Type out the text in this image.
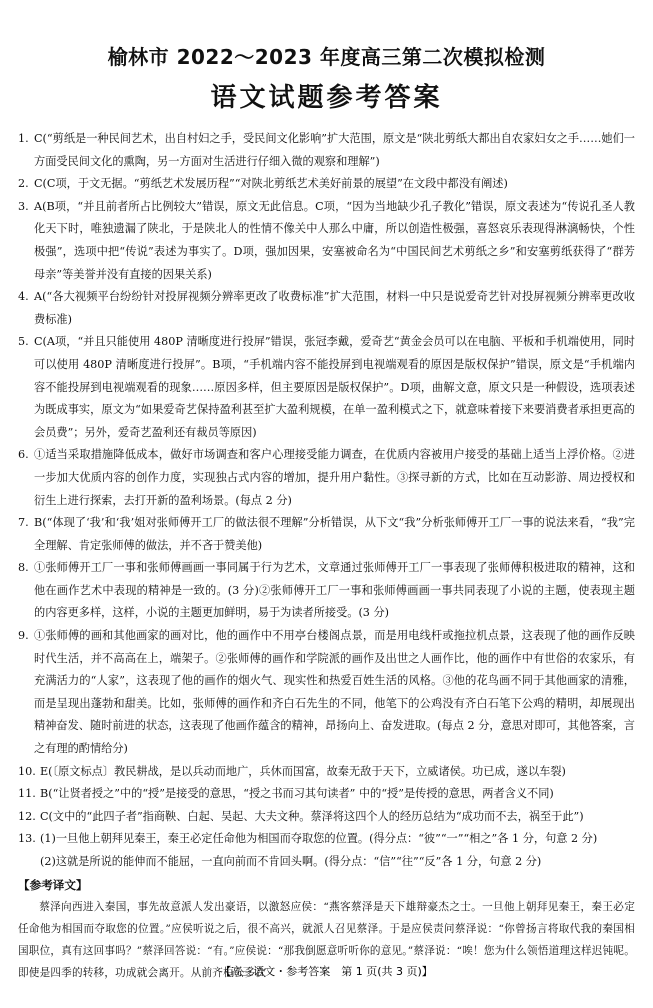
榆林市 2022～2023 年度高三第二次模拟检测
语文试题参考答案
1. C(“剪纸是一种民间艺术，出自村妇之手，受民间文化影响”扩大范围，原文是“陕北剪纸大都出自农家妇女之手……她们一方面受民间文化的熏陶，另一方面对生活进行仔细入微的观察和理解”)
2. C(C项，于文无据。“剪纸艺术发展历程”“对陕北剪纸艺术美好前景的展望”在文段中都没有阐述)
3. A(B项，“并且前者所占比例较大”错误，原文无此信息。C项，“因为当地缺少孔子教化”错误，原文表述为“传说孔圣人教化天下时，唯独遗漏了陕北，于是陕北人的性情不像关中人那么中庸，所以创造性极强，喜怒哀乐表现得淋漓畅快，个性极强”，选项中把“传说”表述为事实了。D项，强加因果，安塞被命名为“中国民间艺术剪纸之乡”和安塞剪纸获得了“群芳母亲”等美誉并没有直接的因果关系)
4. A(“各大视频平台纷纷针对投屏视频分辨率更改了收费标准”扩大范围，材料一中只是说爱奇艺针对投屏视频分辨率更改收费标准)
5. C(A项，“并且只能使用 480P 清晰度进行投屏”错误，张冠李戴，爱奇艺“黄金会员可以在电脑、平板和手机端使用，同时可以使用 480P 清晰度进行投屏”。B项，“手机端内容不能投屏到电视端观看的原因是版权保护”错误，原文是“手机端内容不能投屏到电视端观看的现象……原因多样，但主要原因是版权保护”。D项，曲解文意，原文只是一种假设，选项表述为既成事实，原文为“如果爱奇艺保持盈利甚至扩大盈利规模，在单一盈利模式之下，就意味着接下来要消费者承担更高的会员费”；另外，爱奇艺盈利还有裁员等原因)
6. ①适当采取措施降低成本，做好市场调查和客户心理接受能力调查，在优质内容被用户接受的基础上适当上浮价格。②进一步加大优质内容的创作力度，实现独占式内容的增加，提升用户黏性。③探寻新的方式，比如在互动影游、周边授权和衍生上进行探索，去打开新的盈利场景。(每点 2 分)
7. B(“体现了‘我’和‘我’姐对张师傅开工厂的做法很不理解”分析错误，从下文“我”分析张师傅开工厂一事的说法来看，“我”完全理解、肯定张师傅的做法，并不吝于赞美他)
8. ①张师傅开工厂一事和张师傅画画一事同属于行为艺术，文章通过张师傅开工厂一事表现了张师傅积极进取的精神，这和他在画作艺术中表现的精神是一致的。(3 分)②张师傅开工厂一事和张师傅画画一事共同表现了小说的主题，使表现主题的内容更多样，这样，小说的主题更加鲜明，易于为读者所接受。(3 分)
9. ①张师傅的画和其他画家的画对比，他的画作中不用亭台楼阁点景，而是用电线杆或拖拉机点景，这表现了他的画作反映时代生活，并不高高在上，端架子。②张师傅的画作和学院派的画作及出世之人画作比，他的画作中有世俗的农家乐，有充满活力的“人家”，这表现了他的画作的烟火气、现实性和热爱百姓生活的风格。③他的花鸟画不同于其他画家的清雅，而是呈现出蓬勃和甜美。比如，张师傅的画作和齐白石先生的不同，他笔下的公鸡没有齐白石笔下公鸡的精明，却展现出精神奋发、随时前进的状态，这表现了他画作蕴含的精神，昂扬向上、奋发进取。(每点 2 分，意思对即可，其他答案，言之有理的酌情给分)
10. E(〔原文标点〕教民耕战，是以兵动而地广，兵休而国富，故秦无敌于天下，立威诸侯。功已成，遂以车裂)
11. B(“让贤者授之”中的“授”是接受的意思，“授之书而习其句读者” 中的“授”是传授的意思，两者含义不同)
12. C(文中的“此四子者”指商鞅、白起、吴起、大夫文种。蔡泽将这四个人的经历总结为“成功而不去，祸至于此”)
13. (1)一旦他上朝拜见秦王，秦王必定任命他为相国而夺取您的位置。(得分点：“彼”“一”“相之”各 1 分，句意 2 分)
(2)这就是所说的能伸而不能屈，一直向前而不肯回头啊。(得分点：“信”“往”“反”各 1 分，句意 2 分)
【参考译文】
蔡泽向西进入秦国，事先故意派人发出豪语，以激怒应侯：“燕客蔡泽是天下雄辩豪杰之士。一旦他上朝拜见秦王，秦王必定任命他为相国而夺取您的位置。”应侯听说之后，很不高兴，就派人召见蔡泽。于是应侯责问蔡泽说：“你曾扬言将取代我的秦国相国职位，真有这回事吗？”蔡泽回答说：“有。”应侯说：“那我倒愿意听听你的意见。”蔡泽说：“唉！您为什么领悟道理这样迟钝呢。即使是四季的转移，功成就会离开。从前齐桓公多次
【高三语文・参考答案　第 1 页(共 3 页)】
